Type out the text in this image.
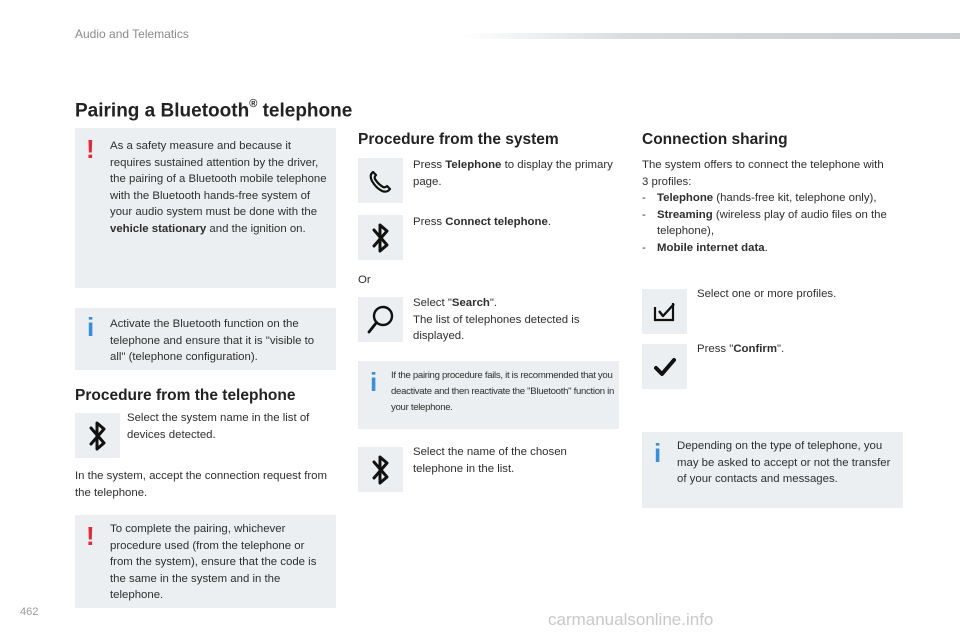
Audio and Telematics
Pairing a Bluetooth® telephone
! As a safety measure and because it requires sustained attention by the driver, the pairing of a Bluetooth mobile telephone with the Bluetooth hands-free system of your audio system must be done with the vehicle stationary and the ignition on.
i Activate the Bluetooth function on the telephone and ensure that it is "visible to all" (telephone configuration).
Procedure from the telephone
Select the system name in the list of devices detected.
In the system, accept the connection request from the telephone.
! To complete the pairing, whichever procedure used (from the telephone or from the system), ensure that the code is the same in the system and in the telephone.
Procedure from the system
Press Telephone to display the primary page.
Press Connect telephone.
Or
Select "Search".
The list of telephones detected is displayed.
i If the pairing procedure fails, it is recommended that you deactivate and then reactivate the "Bluetooth" function in your telephone.
Select the name of the chosen telephone in the list.
Connection sharing
The system offers to connect the telephone with 3 profiles:
- Telephone (hands-free kit, telephone only),
- Streaming (wireless play of audio files on the telephone),
- Mobile internet data.
Select one or more profiles.
Press "Confirm".
i Depending on the type of telephone, you may be asked to accept or not the transfer of your contacts and messages.
462	carmanualsonline.info
